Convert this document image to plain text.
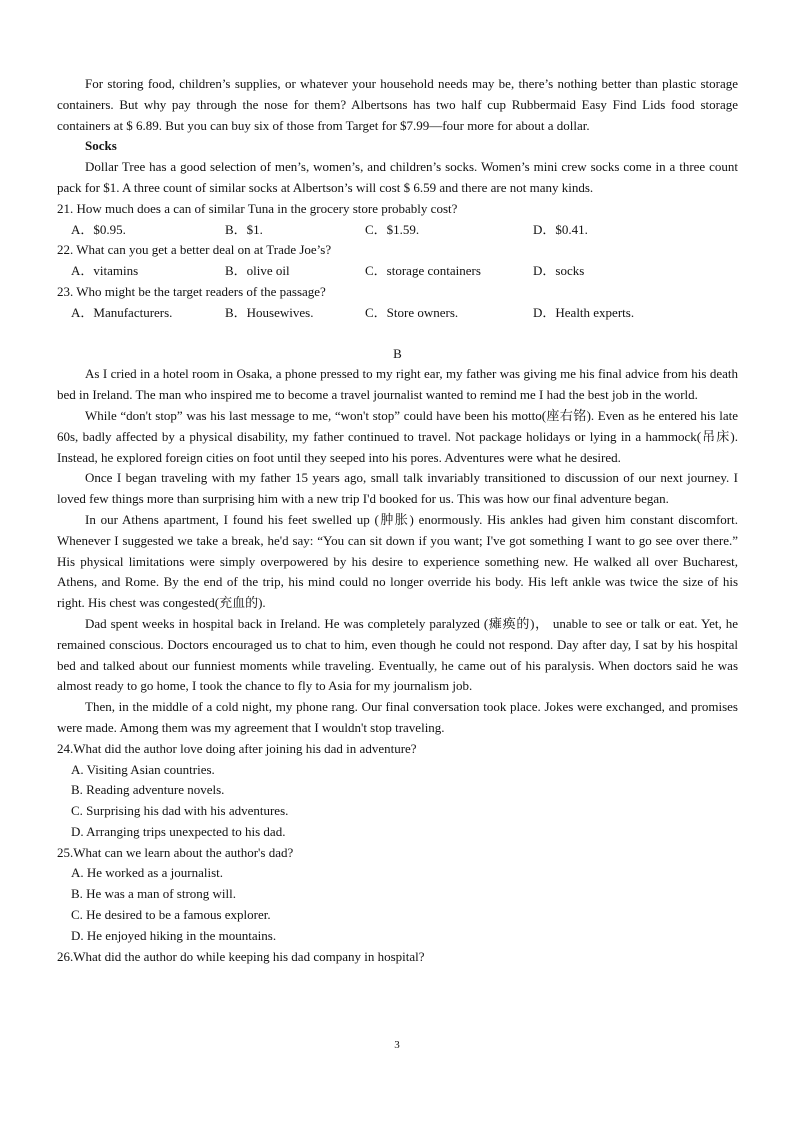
For storing food, children’s supplies, or whatever your household needs may be, there’s nothing better than plastic storage containers. But why pay through the nose for them? Albertsons has two half cup Rubbermaid Easy Find Lids food storage containers at $ 6.89. But you can buy six of those from Target for $7.99—four more for about a dollar.

Socks

Dollar Tree has a good selection of men’s, women’s, and children’s socks. Women’s mini crew socks come in a three count pack for $1. A three count of similar socks at Albertson’s will cost $ 6.59 and there are not many kinds.

21. How much does a can of similar Tuna in the grocery store probably cost?

A．$0.95.	B．$1.	C．$1.59.	D．$0.41.

22. What can you get a better deal on at Trade Joe’s?

A．vitamins	B．olive oil	C．storage containers	D．socks

23. Who might be the target readers of the passage?

A．Manufacturers.	B．Housewives.	C．Store owners.	D．Health experts.

B

As I cried in a hotel room in Osaka, a phone pressed to my right ear, my father was giving me his final advice from his death bed in Ireland. The man who inspired me to become a travel journalist wanted to remind me I had the best job in the world.

While “don't stop” was his last message to me, “won't stop” could have been his motto(座右铭). Even as he entered his late 60s, badly affected by a physical disability, my father continued to travel. Not package holidays or lying in a hammock(吊床). Instead, he explored foreign cities on foot until they seeped into his pores. Adventures were what he desired.

Once I began traveling with my father 15 years ago, small talk invariably transitioned to discussion of our next journey. I loved few things more than surprising him with a new trip I'd booked for us. This was how our final adventure began.

In our Athens apartment, I found his feet swelled up (肿胀) enormously. His ankles had given him constant discomfort. Whenever I suggested we take a break, he'd say: “You can sit down if you want; I've got something I want to go see over there.” His physical limitations were simply overpowered by his desire to experience something new. He walked all over Bucharest, Athens, and Rome. By the end of the trip, his mind could no longer override his body. His left ankle was twice the size of his right. His chest was congested(充血的).

Dad spent weeks in hospital back in Ireland. He was completely paralyzed (瘫痪的)， unable to see or talk or eat. Yet, he remained conscious. Doctors encouraged us to chat to him, even though he could not respond. Day after day, I sat by his hospital bed and talked about our funniest moments while traveling. Eventually, he came out of his paralysis. When doctors said he was almost ready to go home, I took the chance to fly to Asia for my journalism job.

Then, in the middle of a cold night, my phone rang. Our final conversation took place. Jokes were exchanged, and promises were made. Among them was my agreement that I wouldn't stop traveling.

24.What did the author love doing after joining his dad in adventure?

A. Visiting Asian countries.

B. Reading adventure novels.

C. Surprising his dad with his adventures.

D. Arranging trips unexpected to his dad.

25.What can we learn about the author's dad?

A. He worked as a journalist.

B. He was a man of strong will.

C. He desired to be a famous explorer.

D. He enjoyed hiking in the mountains.

26.What did the author do while keeping his dad company in hospital?

3
